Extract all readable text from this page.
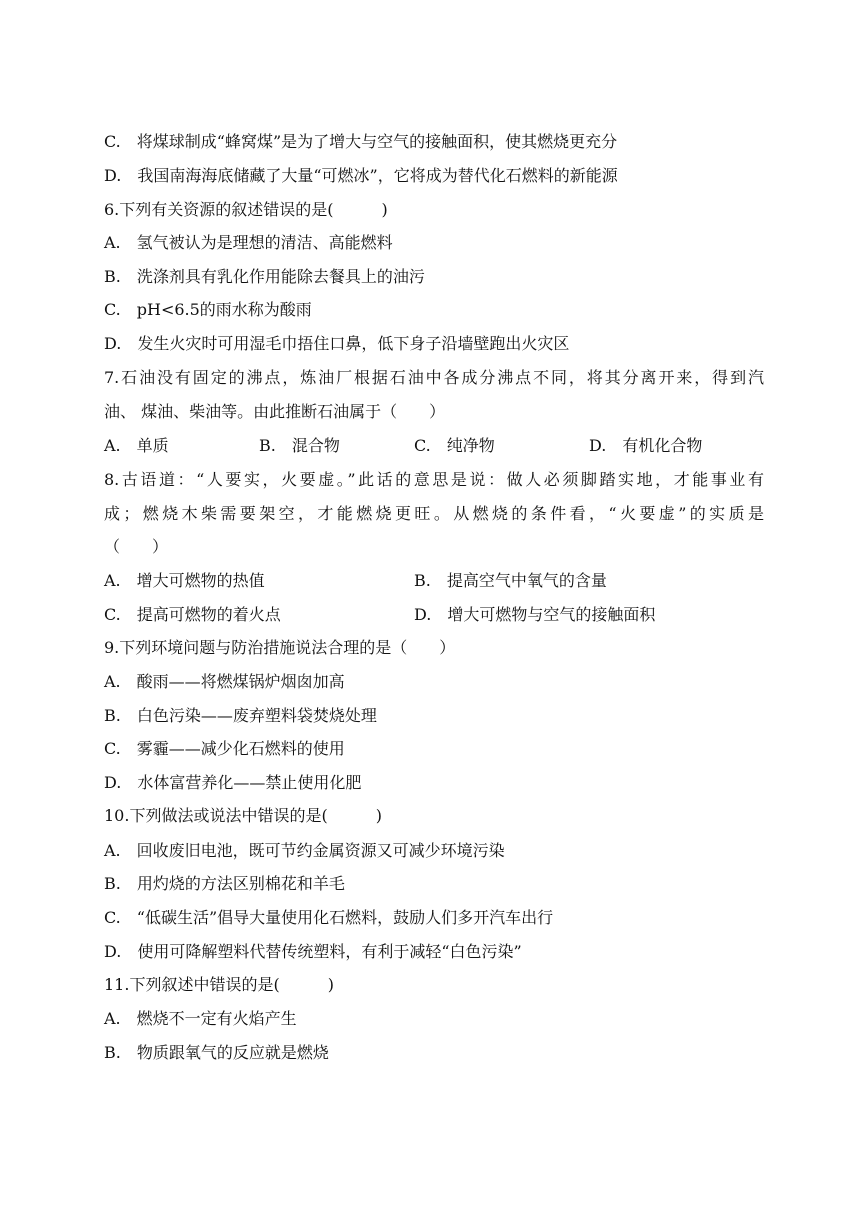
C.　将煤球制成“蜂窝煤”是为了增大与空气的接触面积，使其燃烧更充分
D.　我国南海海底储藏了大量“可燃冰”，它将成为替代化石燃料的新能源
6.下列有关资源的叙述错误的是(　　　)
A.　氢气被认为是理想的清洁、高能燃料
B.　洗涤剂具有乳化作用能除去餐具上的油污
C.　pH<6.5的雨水称为酸雨
D.　发生火灾时可用湿毛巾捂住口鼻，低下身子沿墙壁跑出火灾区
7.石油没有固定的沸点，炼油厂根据石油中各成分沸点不同，将其分离开来，得到汽
油、 煤油、柴油等。由此推断石油属于（　　）
A.　单质	B.　混合物	C.　纯净物	D.　有机化合物
8.古语道：“人要实，火要虚。”此话的意思是说：做人必须脚踏实地，才能事业有
成；燃烧木柴需要架空，才能燃烧更旺。从燃烧的条件看，“火要虚”的实质是
（　　）
A.　增大可燃物的热值	B.　提高空气中氧气的含量
C.　提高可燃物的着火点	D.　增大可燃物与空气的接触面积
9.下列环境问题与防治措施说法合理的是（　　）
A.　酸雨——将燃煤锅炉烟囱加高
B.　白色污染——废弃塑料袋焚烧处理
C.　雾霾——减少化石燃料的使用
D.　水体富营养化——禁止使用化肥
10.下列做法或说法中错误的是(　　　)
A.　回收废旧电池，既可节约金属资源又可减少环境污染
B.　用灼烧的方法区别棉花和羊毛
C.　“低碳生活”倡导大量使用化石燃料，鼓励人们多开汽车出行
D.　使用可降解塑料代替传统塑料，有利于减轻“白色污染”
11.下列叙述中错误的是(　　　)
A.　燃烧不一定有火焰产生
B.　物质跟氧气的反应就是燃烧
